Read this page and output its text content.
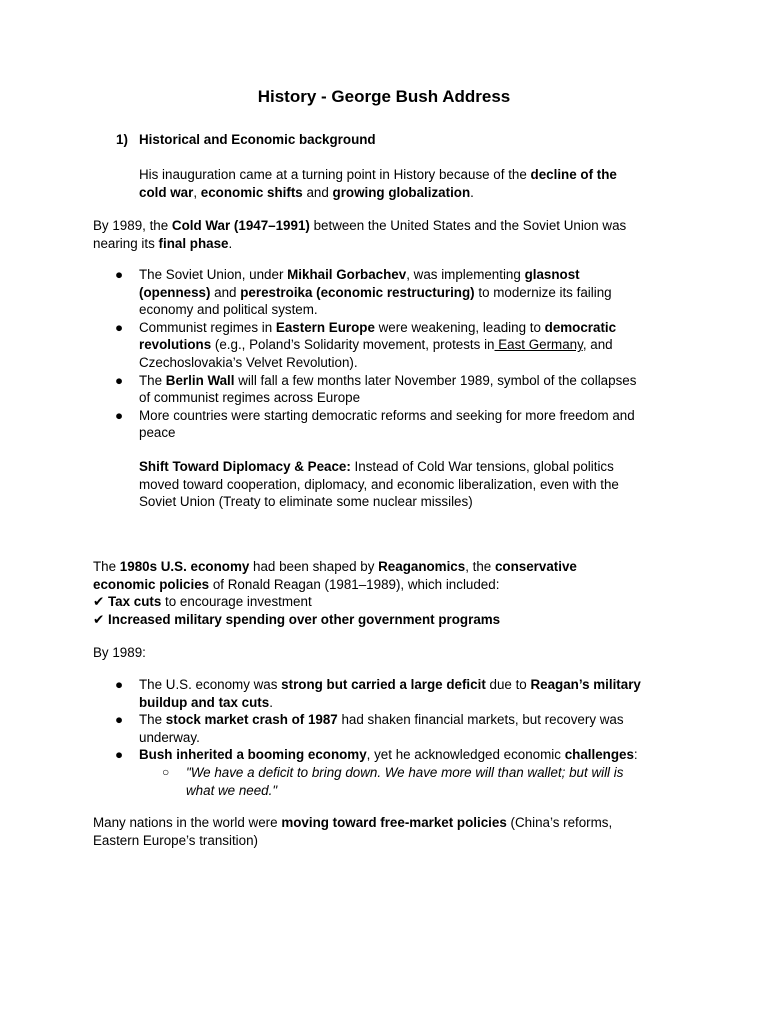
History - George Bush Address
1) Historical and Economic background
His inauguration came at a turning point in History because of the decline of the
cold war, economic shifts and growing globalization.
By 1989, the Cold War (1947–1991) between the United States and the Soviet Union was
nearing its final phase.
● The Soviet Union, under Mikhail Gorbachev, was implementing glasnost
(openness) and perestroika (economic restructuring) to modernize its failing
economy and political system.
● Communist regimes in Eastern Europe were weakening, leading to democratic
revolutions (e.g., Poland’s Solidarity movement, protests in East Germany, and
Czechoslovakia’s Velvet Revolution).
● The Berlin Wall will fall a few months later November 1989, symbol of the collapses
of communist regimes across Europe
● More countries were starting democratic reforms and seeking for more freedom and
peace
Shift Toward Diplomacy & Peace: Instead of Cold War tensions, global politics
moved toward cooperation, diplomacy, and economic liberalization, even with the
Soviet Union (Treaty to eliminate some nuclear missiles)
The 1980s U.S. economy had been shaped by Reaganomics, the conservative
economic policies of Ronald Reagan (1981–1989), which included:
✔ Tax cuts to encourage investment
✔ Increased military spending over other government programs
By 1989:
● The U.S. economy was strong but carried a large deficit due to Reagan’s military
buildup and tax cuts.
● The stock market crash of 1987 had shaken financial markets, but recovery was
underway.
● Bush inherited a booming economy, yet he acknowledged economic challenges:
○ "We have a deficit to bring down. We have more will than wallet; but will is
what we need."
Many nations in the world were moving toward free-market policies (China’s reforms,
Eastern Europe’s transition)
